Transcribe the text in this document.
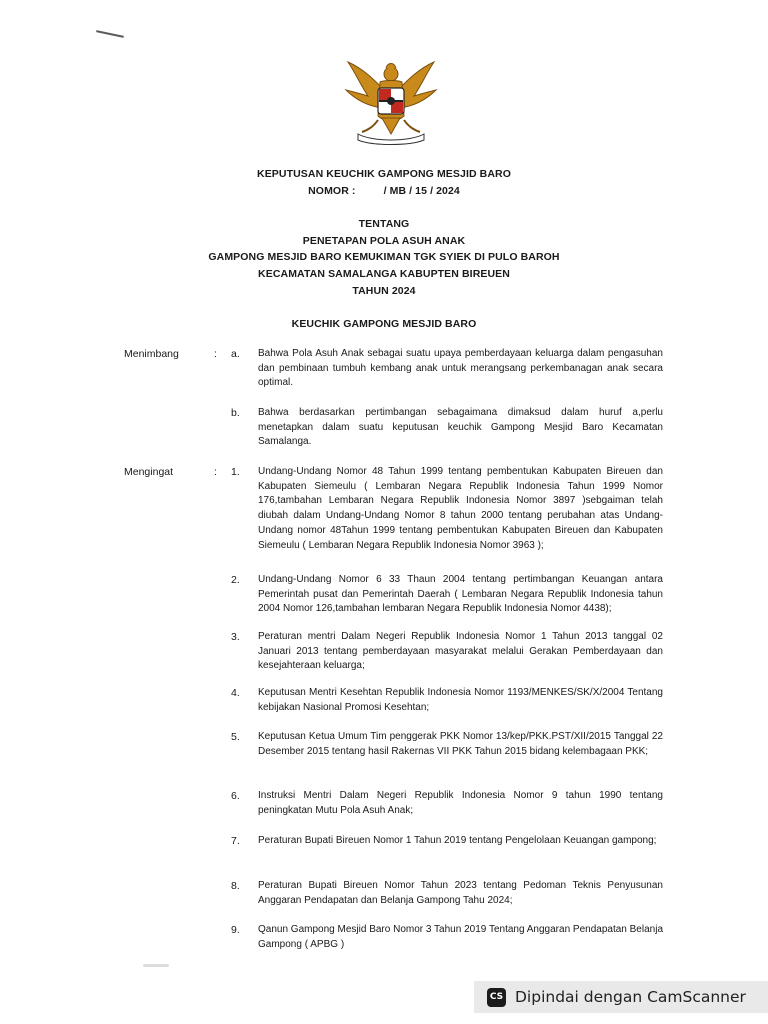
KEPUTUSAN KEUCHIK GAMPONG MESJID BARO
NOMOR :	/ MB / 15 / 2024
TENTANG
PENETAPAN POLA ASUH ANAK
GAMPONG MESJID BARO KEMUKIMAN TGK SYIEK DI PULO BAROH
KECAMATAN SAMALANGA KABUPTEN BIREUEN
TAHUN 2024
KEUCHIK GAMPONG MESJID BARO
Menimbang	: a. Bahwa Pola Asuh Anak sebagai suatu upaya pemberdayaan keluarga dalam pengasuhan dan pembinaan tumbuh kembang anak untuk merangsang perkembanagan anak secara optimal.
b. Bahwa berdasarkan pertimbangan sebagaimana dimaksud dalam huruf a,perlu menetapkan dalam suatu keputusan keuchik Gampong Mesjid Baro Kecamatan Samalanga.
Mengingat	: 1. Undang-Undang Nomor 48 Tahun 1999 tentang pembentukan Kabupaten Bireuen dan Kabupaten Siemeulu ( Lembaran Negara Republik Indonesia Tahun 1999 Nomor 176,tambahan Lembaran Negara Republik Indonesia Nomor 3897 )sebgaiman telah diubah dalam Undang-Undang Nomor 8 tahun 2000 tentang perubahan atas Undang-Undang nomor 48Tahun 1999 tentang pembentukan Kabupaten Bireuen dan Kabupaten Siemeulu ( Lembaran Negara Republik Indonesia Nomor 3963 );
2. Undang-Undang Nomor 6 33 Thaun 2004 tentang pertimbangan Keuangan antara Pemerintah pusat dan Pemerintah Daerah ( Lembaran Negara Republik Indonesia tahun 2004 Nomor 126,tambahan lembaran Negara Republik Indonesia Nomor 4438);
3. Peraturan mentri Dalam Negeri Republik Indonesia Nomor 1 Tahun 2013 tanggal 02 Januari 2013 tentang pemberdayaan masyarakat melalui Gerakan Pemberdayaan dan kesejahteraan keluarga;
4. Keputusan Mentri Kesehtan Republik Indonesia Nomor 1193/MENKES/SK/X/2004 Tentang kebijakan Nasional Promosi Kesehtan;
5. Keputusan Ketua Umum Tim penggerak PKK Nomor 13/kep/PKK.PST/XII/2015 Tanggal 22 Desember 2015 tentang hasil Rakernas VII PKK Tahun 2015 bidang kelembagaan PKK;
6. Instruksi Mentri Dalam Negeri Republik Indonesia Nomor 9 tahun 1990 tentang peningkatan Mutu Pola Asuh Anak;
7. Peraturan Bupati Bireuen Nomor 1 Tahun 2019 tentang Pengelolaan Keuangan gampong;
8. Peraturan Bupati Bireuen Nomor Tahun 2023 tentang Pedoman Teknis Penyusunan Anggaran Pendapatan dan Belanja Gampong Tahu 2024;
9. Qanun Gampong Mesjid Baro Nomor 3 Tahun 2019 Tentang Anggaran Pendapatan Belanja Gampong ( APBG )
CS Dipindai dengan CamScanner
